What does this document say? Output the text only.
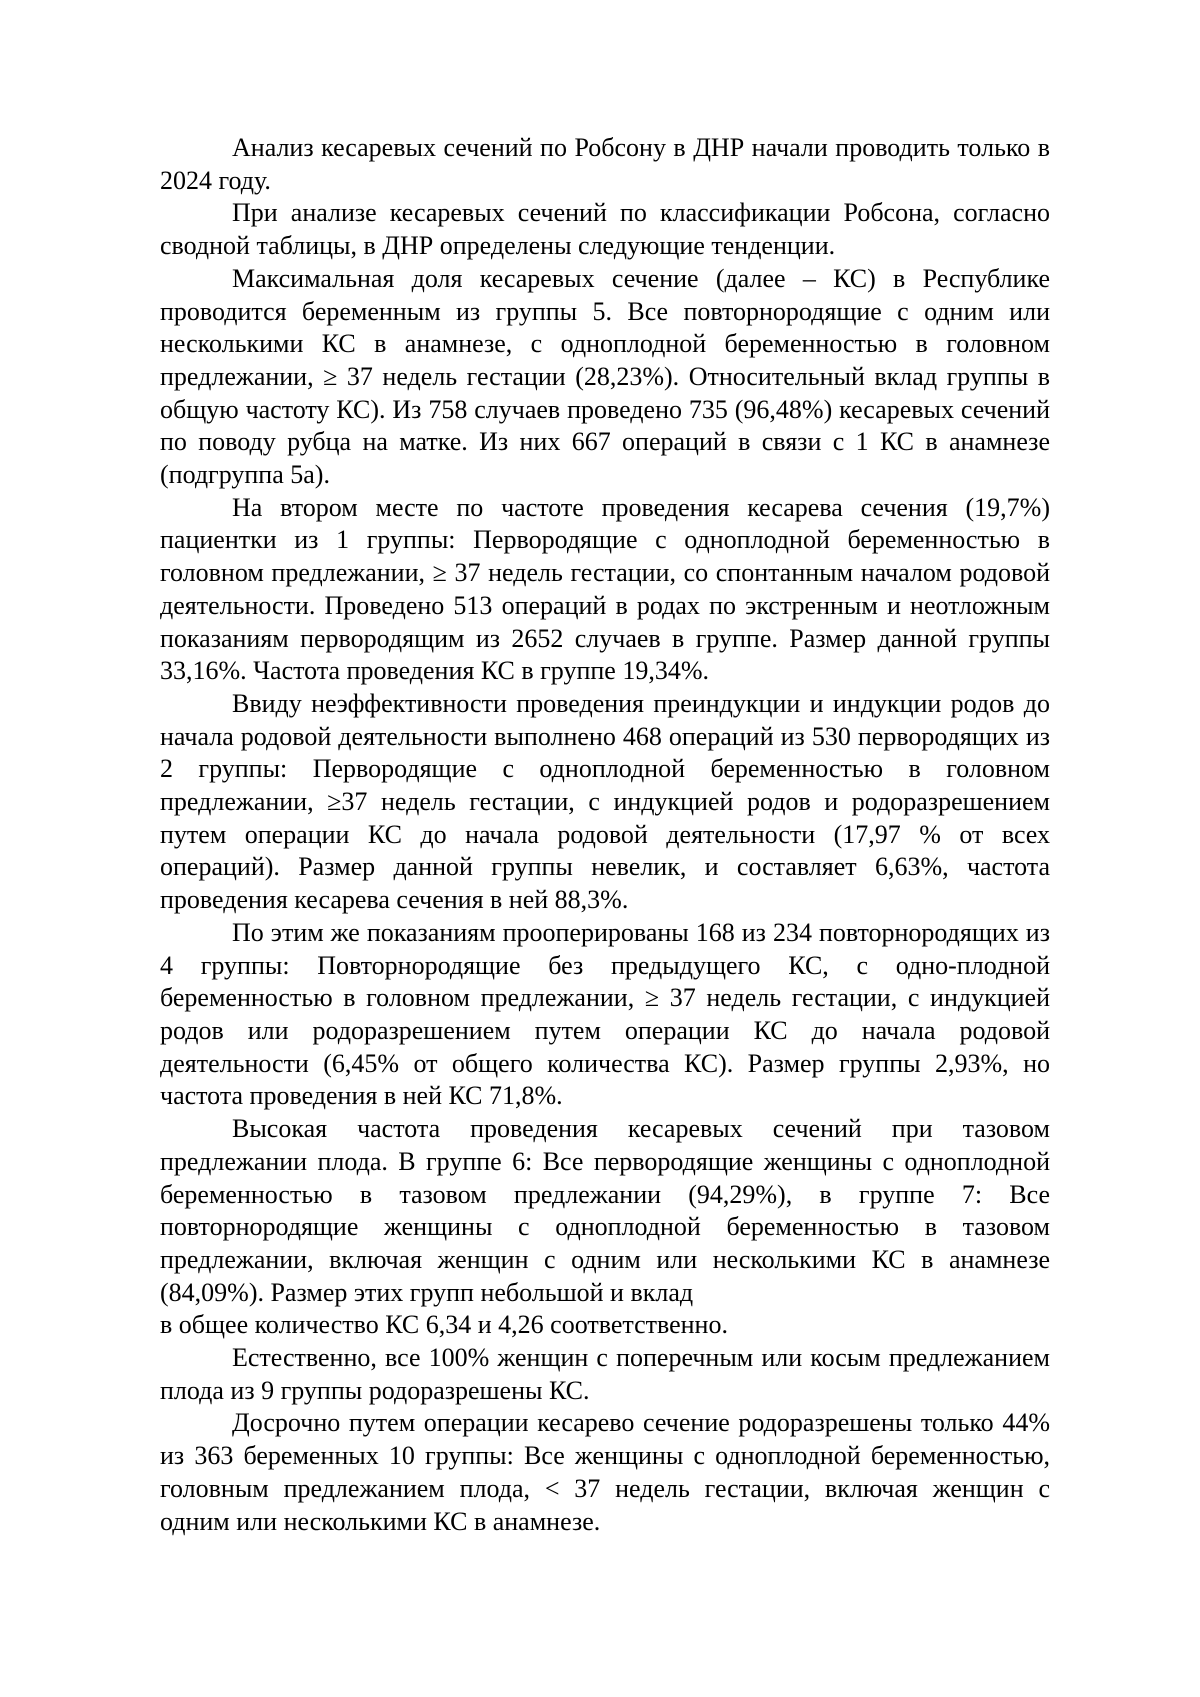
Анализ кесаревых сечений по Робсону в ДНР начали проводить только в 2024 году.

При анализе кесаревых сечений по классификации Робсона, согласно сводной таблицы, в ДНР определены следующие тенденции.

Максимальная доля кесаревых сечение (далее – КС) в Республике проводится беременным из группы 5. Все повторнородящие с одним или несколькими КС в анамнезе, с одноплодной беременностью в головном предлежании, ≥ 37 недель гестации (28,23%). Относительный вклад группы в общую частоту КС). Из 758 случаев проведено 735 (96,48%) кесаревых сечений по поводу рубца на матке. Из них 667 операций в связи с 1 КС в анамнезе (подгруппа 5а).

На втором месте по частоте проведения кесарева сечения (19,7%) пациентки из 1 группы: Первородящие с одноплодной беременностью в головном предлежании, ≥ 37 недель гестации, со спонтанным началом родовой деятельности. Проведено 513 операций в родах по экстренным и неотложным показаниям первородящим из 2652 случаев в группе. Размер данной группы 33,16%. Частота проведения КС в группе 19,34%.

Ввиду неэффективности проведения преиндукции и индукции родов до начала родовой деятельности выполнено 468 операций из 530 первородящих из 2 группы: Первородящие с одноплодной беременностью в головном предлежании, ≥37 недель гестации, с индукцией родов и родоразрешением путем операции КС до начала родовой деятельности (17,97 % от всех операций). Размер данной группы невелик, и составляет 6,63%, частота проведения кесарева сечения в ней 88,3%.

По этим же показаниям прооперированы 168 из 234 повторнородящих из 4 группы: Повторнородящие без предыдущего КС, с одно-плодной беременностью в головном предлежании, ≥ 37 недель гестации, с индукцией родов или родоразрешением путем операции КС до начала родовой деятельности (6,45% от общего количества КС). Размер группы 2,93%, но частота проведения в ней КС 71,8%.

Высокая частота проведения кесаревых сечений при тазовом предлежании плода. В группе 6: Все первородящие женщины с одноплодной беременностью в тазовом предлежании (94,29%), в группе 7: Все повторнородящие женщины с одноплодной беременностью в тазовом предлежании, включая женщин с одним или несколькими КС в анамнезе (84,09%). Размер этих групп небольшой и вклад

в общее количество КС 6,34 и 4,26 соответственно.

Естественно, все 100% женщин с поперечным или косым предлежанием плода из 9 группы родоразрешены КС.

Досрочно путем операции кесарево сечение родоразрешены только 44% из 363 беременных 10 группы: Все женщины с одноплодной беременностью, головным предлежанием плода, < 37 недель гестации, включая женщин с одним или несколькими КС в анамнезе.
